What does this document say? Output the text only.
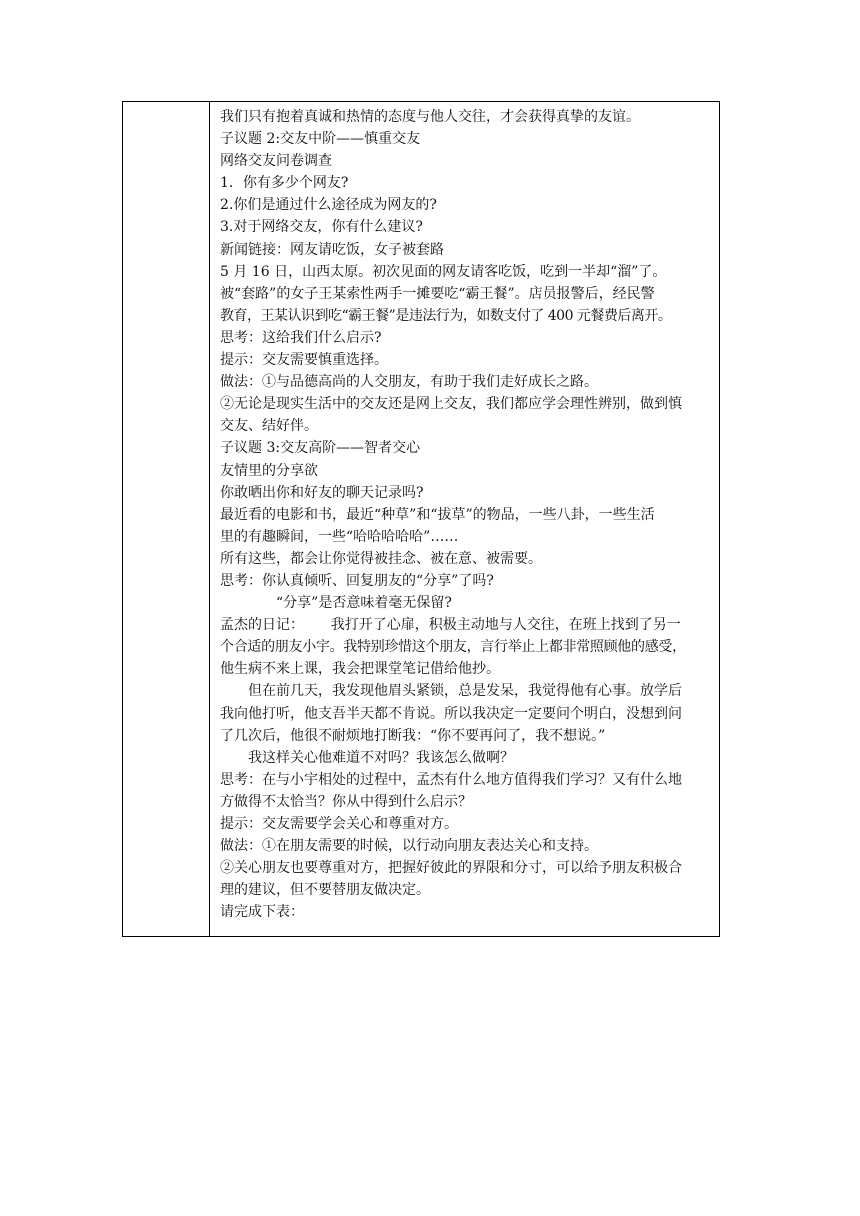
我们只有抱着真诚和热情的态度与他人交往，才会获得真挚的友谊。
子议题 2:交友中阶——慎重交友
网络交友问卷调查
1．你有多少个网友?
2.你们是通过什么途径成为网友的?
3.对于网络交友，你有什么建议?
新闻链接：网友请吃饭，女子被套路
5 月 16 日，山西太原。初次见面的网友请客吃饭，吃到一半却“溜”了。
被“套路”的女子王某索性两手一摊要吃“霸王餐”。店员报警后，经民警
教育，王某认识到吃“霸王餐”是违法行为，如数支付了 400 元餐费后离开。
思考：这给我们什么启示?
提示：交友需要慎重选择。
做法：①与品德高尚的人交朋友，有助于我们走好成长之路。
②无论是现实生活中的交友还是网上交友，我们都应学会理性辨别，做到慎
交友、结好伴。
子议题 3:交友高阶——智者交心
友情里的分享欲
你敢晒出你和好友的聊天记录吗?
最近看的电影和书，最近“种草”和“拔草”的物品，一些八卦，一些生活
里的有趣瞬间，一些“哈哈哈哈哈”……
所有这些，都会让你觉得被挂念、被在意、被需要。
思考：你认真倾听、回复朋友的“分享”了吗?
“分享”是否意味着毫无保留?
孟杰的日记：      我打开了心扉，积极主动地与人交往，在班上找到了另一
个合适的朋友小宇。我特别珍惜这个朋友，言行举止上都非常照顾他的感受，
他生病不来上课，我会把课堂笔记借给他抄。
但在前几天，我发现他眉头紧锁，总是发呆，我觉得他有心事。放学后
我向他打听，他支吾半天都不肯说。所以我决定一定要问个明白，没想到问
了几次后，他很不耐烦地打断我：“你不要再问了，我不想说。”
我这样关心他难道不对吗？我该怎么做啊？
思考：在与小宇相处的过程中，孟杰有什么地方值得我们学习？又有什么地
方做得不太恰当？你从中得到什么启示？
提示：交友需要学会关心和尊重对方。
做法：①在朋友需要的时候，以行动向朋友表达关心和支持。
②关心朋友也要尊重对方，把握好彼此的界限和分寸，可以给予朋友积极合
理的建议，但不要替朋友做决定。
请完成下表：
